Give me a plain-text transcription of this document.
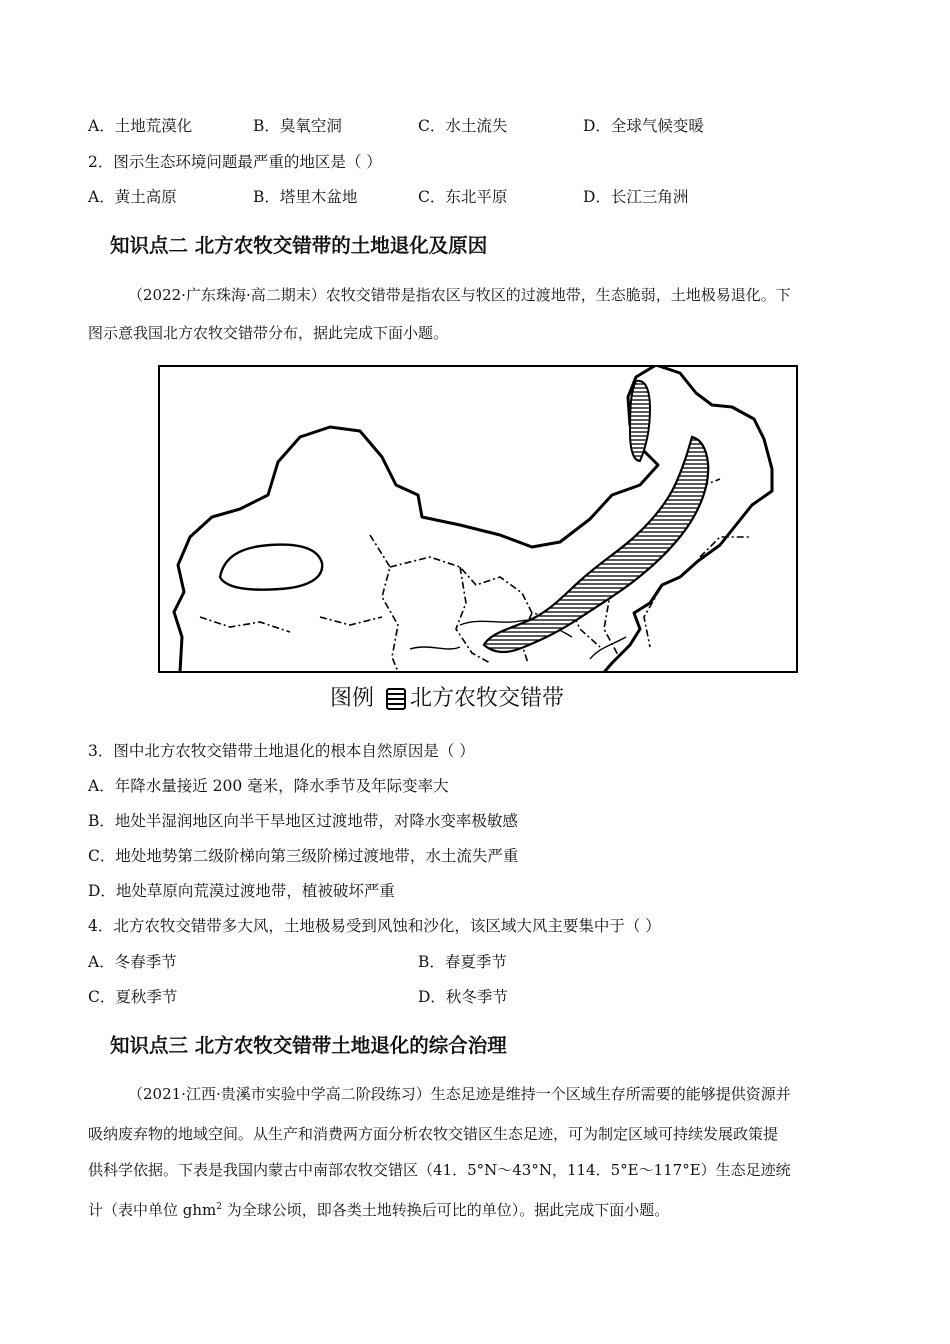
A．土地荒漠化	B．臭氧空洞	C．水土流失	D．全球气候变暖
2．图示生态环境问题最严重的地区是（ ）
A．黄土高原	B．塔里木盆地	C．东北平原	D．长江三角洲
知识点二 北方农牧交错带的土地退化及原因
（2022·广东珠海·高二期末）农牧交错带是指农区与牧区的过渡地带，生态脆弱，土地极易退化。下
图示意我国北方农牧交错带分布，据此完成下面小题。
图例 北方农牧交错带
3．图中北方农牧交错带土地退化的根本自然原因是（ ）
A．年降水量接近 200 毫米，降水季节及年际变率大
B．地处半湿润地区向半干旱地区过渡地带，对降水变率极敏感
C．地处地势第二级阶梯向第三级阶梯过渡地带，水土流失严重
D．地处草原向荒漠过渡地带，植被破坏严重
4．北方农牧交错带多大风，土地极易受到风蚀和沙化，该区域大风主要集中于（ ）
A．冬春季节	B．春夏季节
C．夏秋季节	D．秋冬季节
知识点三 北方农牧交错带土地退化的综合治理
（2021·江西·贵溪市实验中学高二阶段练习）生态足迹是维持一个区域生存所需要的能够提供资源并
吸纳废弃物的地域空间。从生产和消费两方面分析农牧交错区生态足迹，可为制定区域可持续发展政策提
供科学依据。下表是我国内蒙古中南部农牧交错区（41．5°N～43°N，114．5°E～117°E）生态足迹统
计（表中单位 ghm$^2$ 为全球公顷，即各类土地转换后可比的单位）。据此完成下面小题。
